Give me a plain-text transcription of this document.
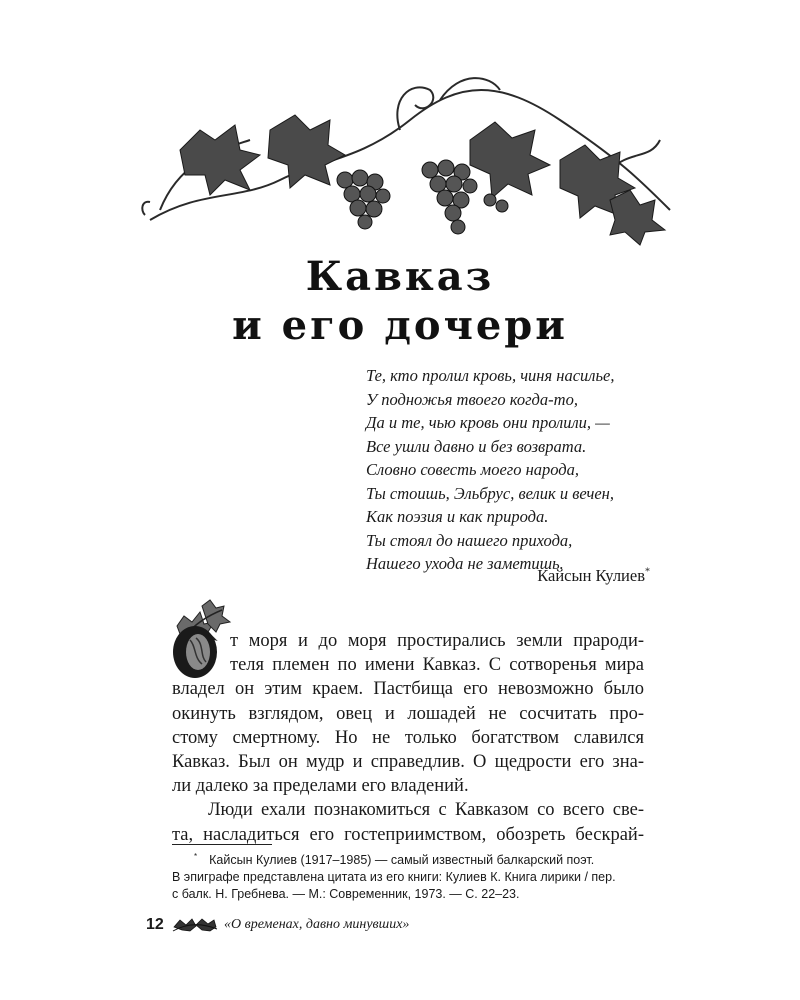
Кавказ
и его дочери
Те, кто пролил кровь, чиня насилье,
У подножья твоего когда-то,
Да и те, чью кровь они пролили, —
Все ушли давно и без возврата.
Словно совесть моего народа,
Ты стоишь, Эльбрус, велик и вечен,
Как поэзия и как природа.
Ты стоял до нашего прихода,
Нашего ухода не заметишь.
Кайсын Кулиев*
О
т моря и до моря простирались земли прароди-
теля племен по имени Кавказ. С сотворенья мира
владел он этим краем. Пастбища его невозможно было
окинуть взглядом, овец и лошадей не сосчитать про-
стому смертному. Но не только богатством славился
Кавказ. Был он мудр и справедлив. О щедрости его зна-
ли далеко за пределами его владений.
Люди ехали познакомиться с Кавказом со всего све-
та, насладиться его гостеприимством, обозреть бескрай-
* Кайсын Кулиев (1917–1985) — самый известный балкарский поэт.
В эпиграфе представлена цитата из его книги: Кулиев К. Книга лирики / пер.
с балк. Н. Гребнева. — М.: Современник, 1973. — С. 22–23.
12	«О временах, давно минувших»
